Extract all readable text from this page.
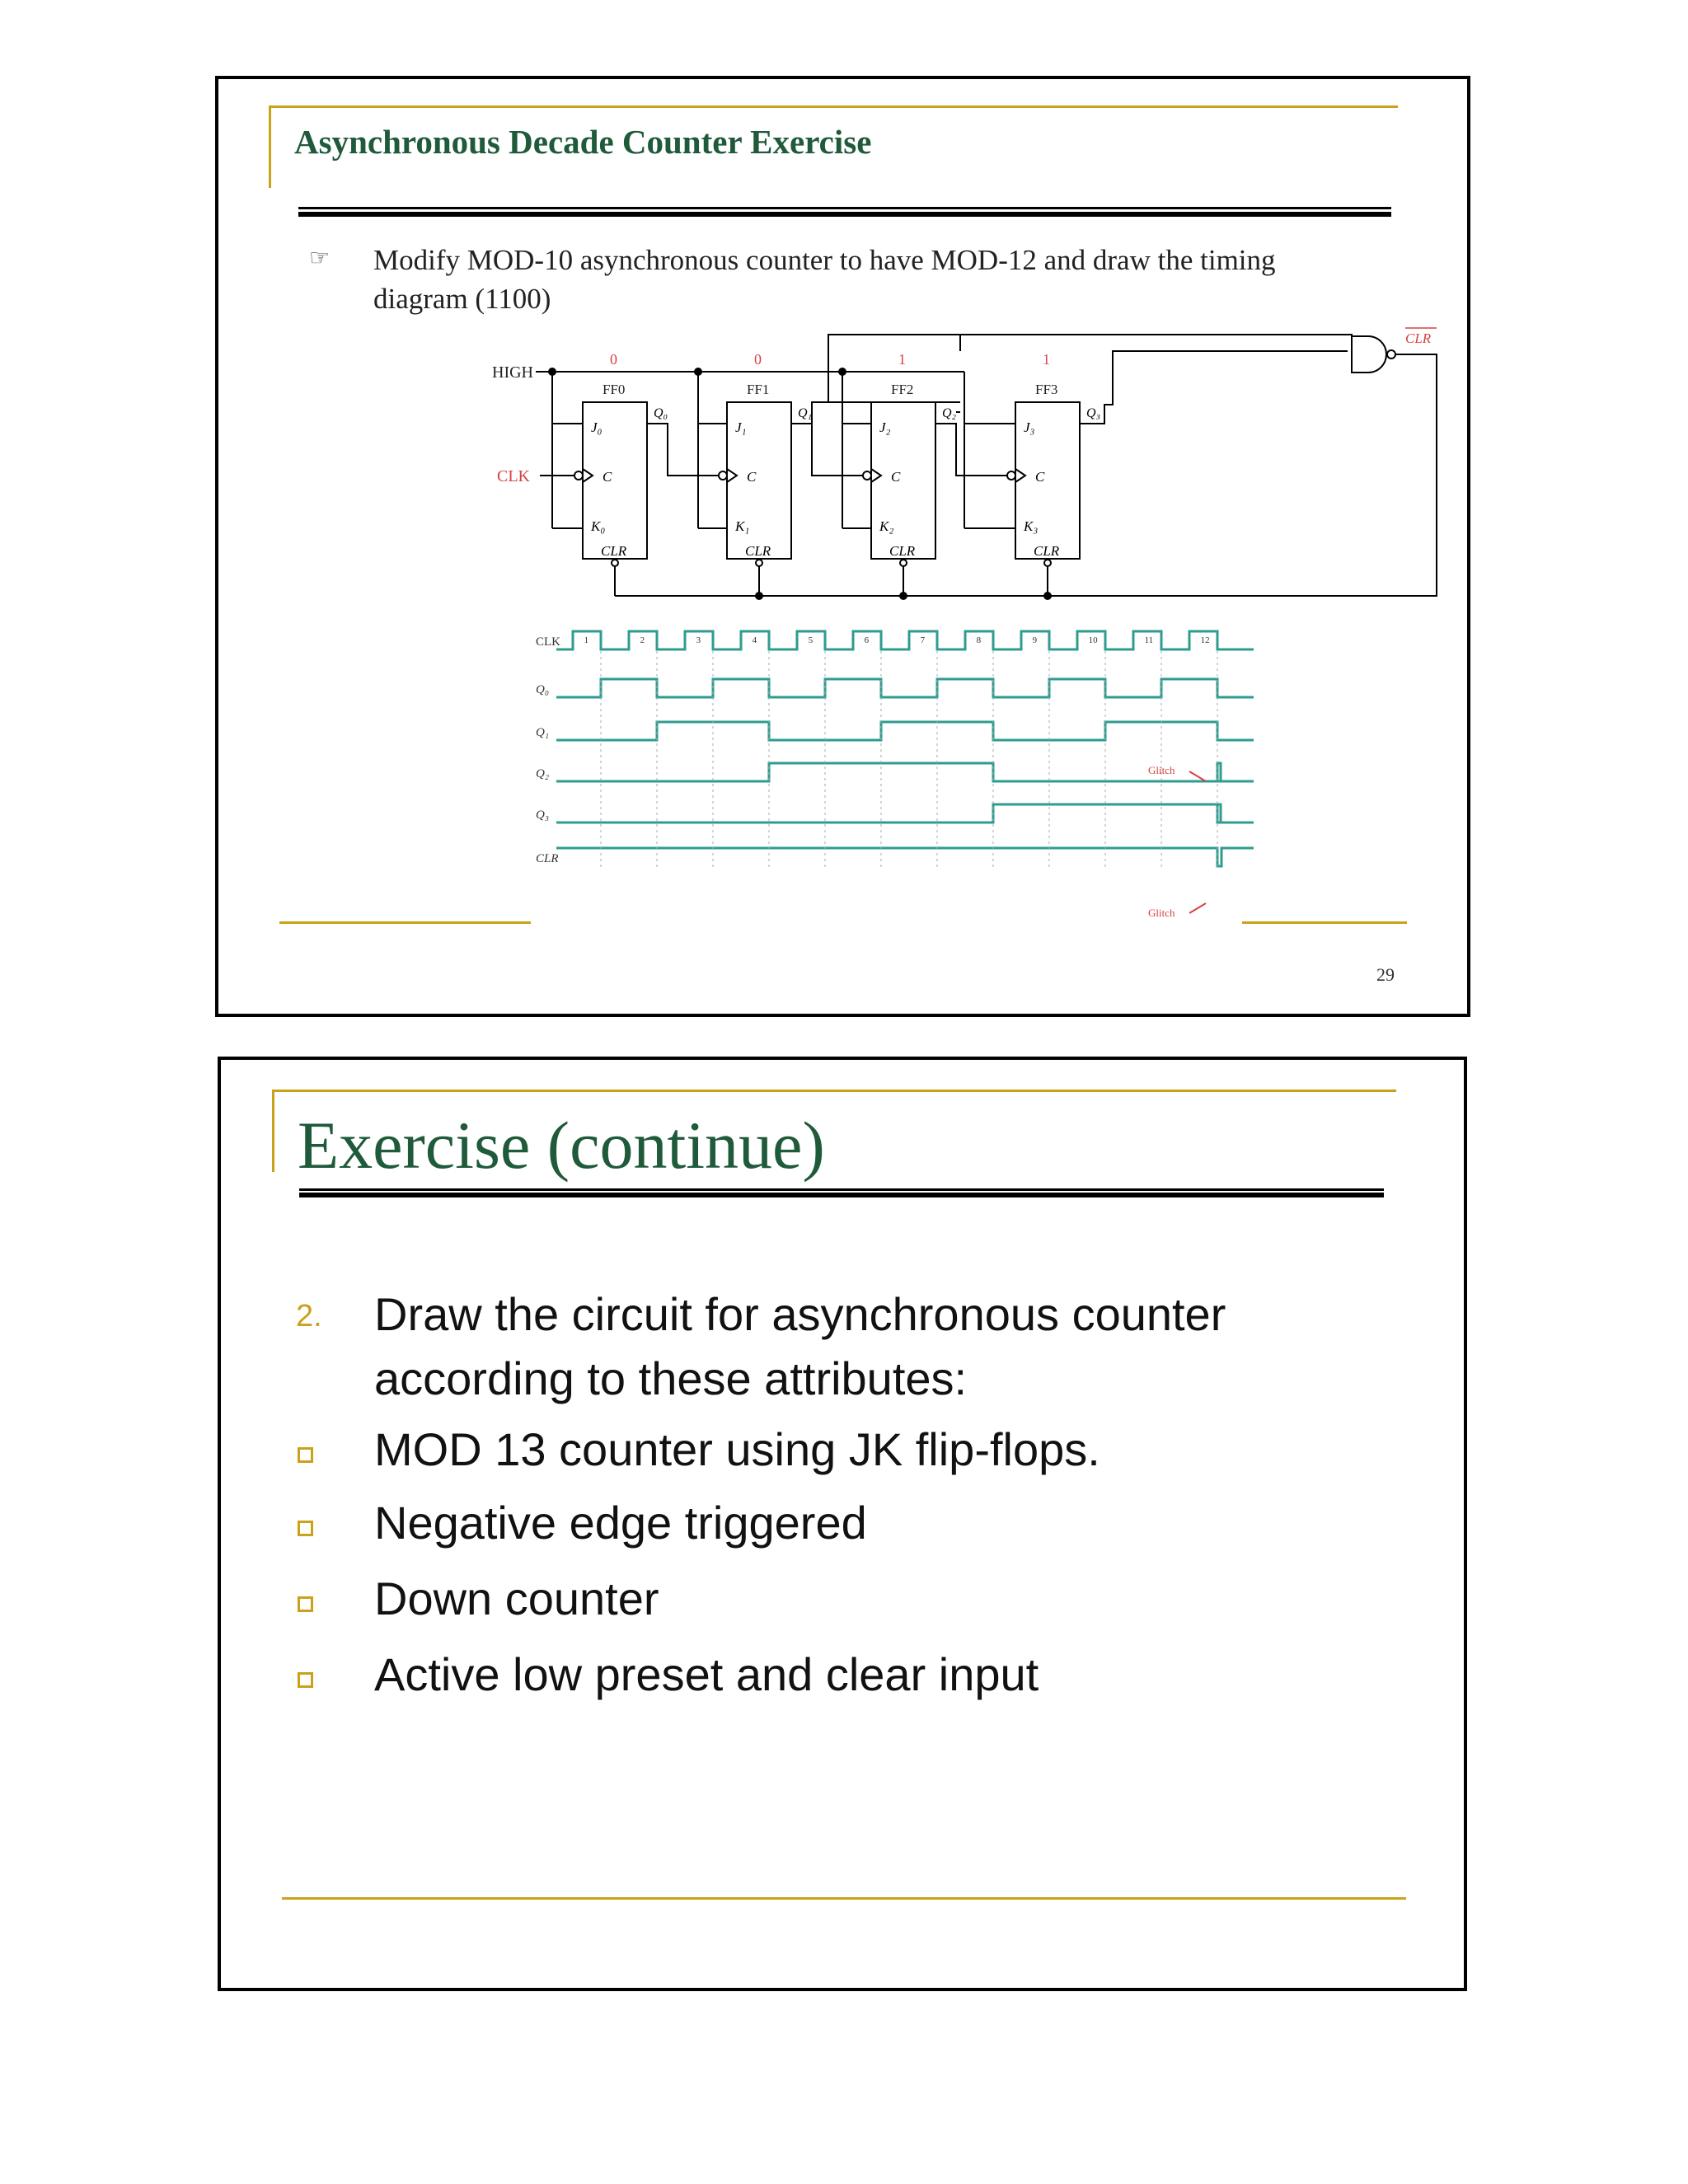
Asynchronous Decade Counter Exercise
☞ Modify MOD-10 asynchronous counter to have MOD-12 and draw the timing diagram (1100)
HIGH
CLK
FF0
0
J₀
C
K₀
CLR
Q₀
FF1
0
J₁
C
K₁
CLR
Q₁
FF2
1
J₂
C
K₂
CLR
Q₂
FF3
1
J₃
C
K₃
CLR
Q₃
CLR
CLK
Q₀
Q₁
Q₂
Q₃
CLR
1	2	3	4	5	6	7	8	9	10	11	12
Glitch
Glitch
29
Exercise (continue)
2. Draw the circuit for asynchronous counter
according to these attributes:
MOD 13 counter using JK flip-flops.
Negative edge triggered
Down counter
Active low preset and clear input
